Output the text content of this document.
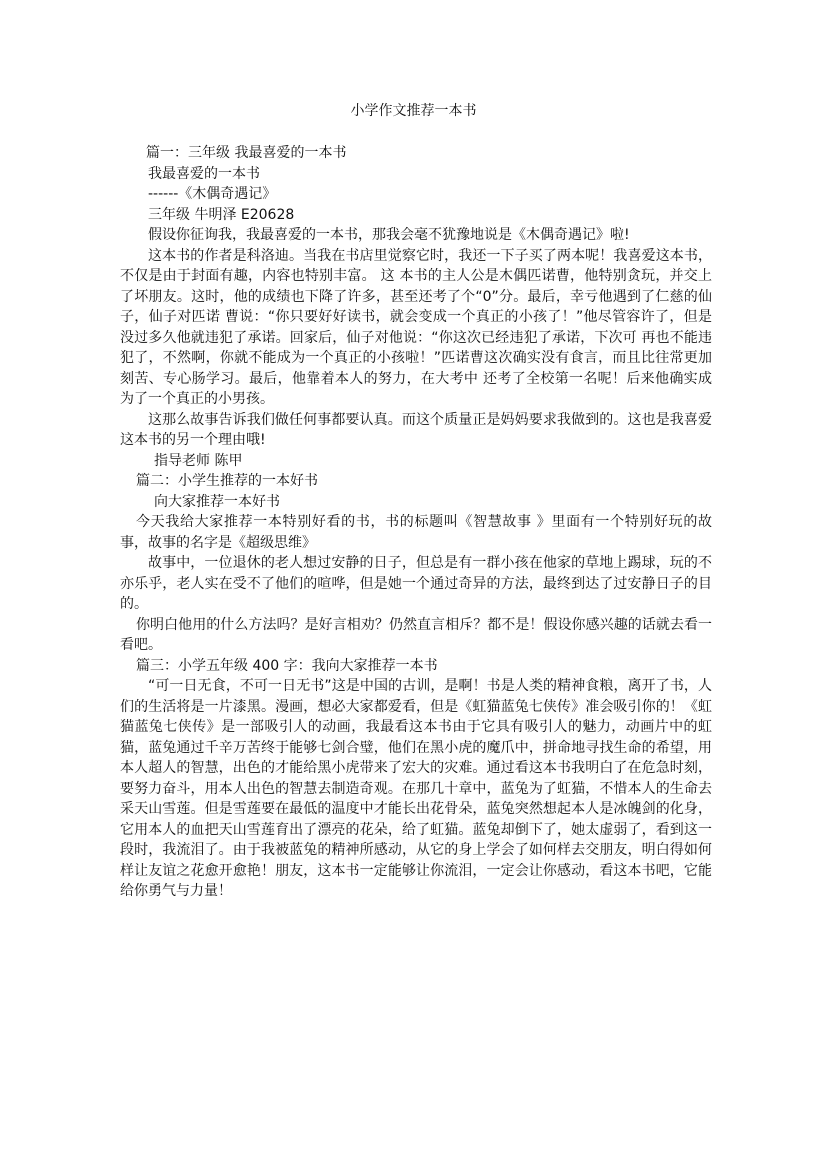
小学作文推荐一本书

篇一：三年级 我最喜爱的一本书

我最喜爱的一本书

------《木偶奇遇记》

三年级 牛明泽 E20628

假设你征询我，我最喜爱的一本书，那我会毫不犹豫地说是《木偶奇遇记》啦!

这本书的作者是科洛迪。当我在书店里觉察它时，我还一下子买了两本呢！我喜爱这本书，不仅是由于封面有趣，内容也特别丰富。 这 本书的主人公是木偶匹诺曹，他特别贪玩，并交上了坏朋友。这时，他的成绩也下降了许多，甚至还考了个“0”分。最后，幸亏他遇到了仁慈的仙子，仙子对匹诺 曹说：“你只要好好读书，就会变成一个真正的小孩了！”他尽管容许了，但是没过多久他就违犯了承诺。回家后，仙子对他说：“你这次已经违犯了承诺，下次可 再也不能违犯了，不然啊，你就不能成为一个真正的小孩啦！”匹诺曹这次确实没有食言，而且比往常更加刻苦、专心肠学习。最后，他靠着本人的努力，在大考中 还考了全校第一名呢！后来他确实成为了一个真正的小男孩。

这那么故事告诉我们做任何事都要认真。而这个质量正是妈妈要求我做到的。这也是我喜爱这本书的另一个理由哦!

指导老师 陈甲

篇二：小学生推荐的一本好书

向大家推荐一本好书

今天我给大家推荐一本特别好看的书，书的标题叫《智慧故事 》里面有一个特别好玩的故事，故事的名字是《超级思维》

故事中，一位退休的老人想过安静的日子，但总是有一群小孩在他家的草地上踢球，玩的不亦乐乎，老人实在受不了他们的喧哗，但是她一个通过奇异的方法，最终到达了过安静日子的目的。

你明白他用的什么方法吗？是好言相劝？仍然直言相斥？都不是！假设你感兴趣的话就去看一看吧。

篇三：小学五年级 400 字：我向大家推荐一本书

“可一日无食，不可一日无书”这是中国的古训，是啊！书是人类的精神食粮，离开了书，人们的生活将是一片漆黑。漫画，想必大家都爱看，但是《虹猫蓝兔七侠传》准会吸引你的！《虹猫蓝兔七侠传》是一部吸引人的动画，我最看这本书由于它具有吸引人的魅力，动画片中的虹猫，蓝兔通过千辛万苦终于能够七剑合璧，他们在黑小虎的魔爪中，拼命地寻找生命的希望，用本人超人的智慧，出色的才能给黑小虎带来了宏大的灾难。通过看这本书我明白了在危急时刻，要努力奋斗，用本人出色的智慧去制造奇观。在那几十章中，蓝兔为了虹猫，不惜本人的生命去采天山雪莲。但是雪莲要在最低的温度中才能长出花骨朵，蓝兔突然想起本人是冰魄剑的化身，它用本人的血把天山雪莲育出了漂亮的花朵，给了虹猫。蓝兔却倒下了，她太虚弱了，看到这一段时，我流泪了。由于我被蓝兔的精神所感动，从它的身上学会了如何样去交朋友，明白得如何样让友谊之花愈开愈艳！朋友，这本书一定能够让你流泪，一定会让你感动，看这本书吧，它能给你勇气与力量！
